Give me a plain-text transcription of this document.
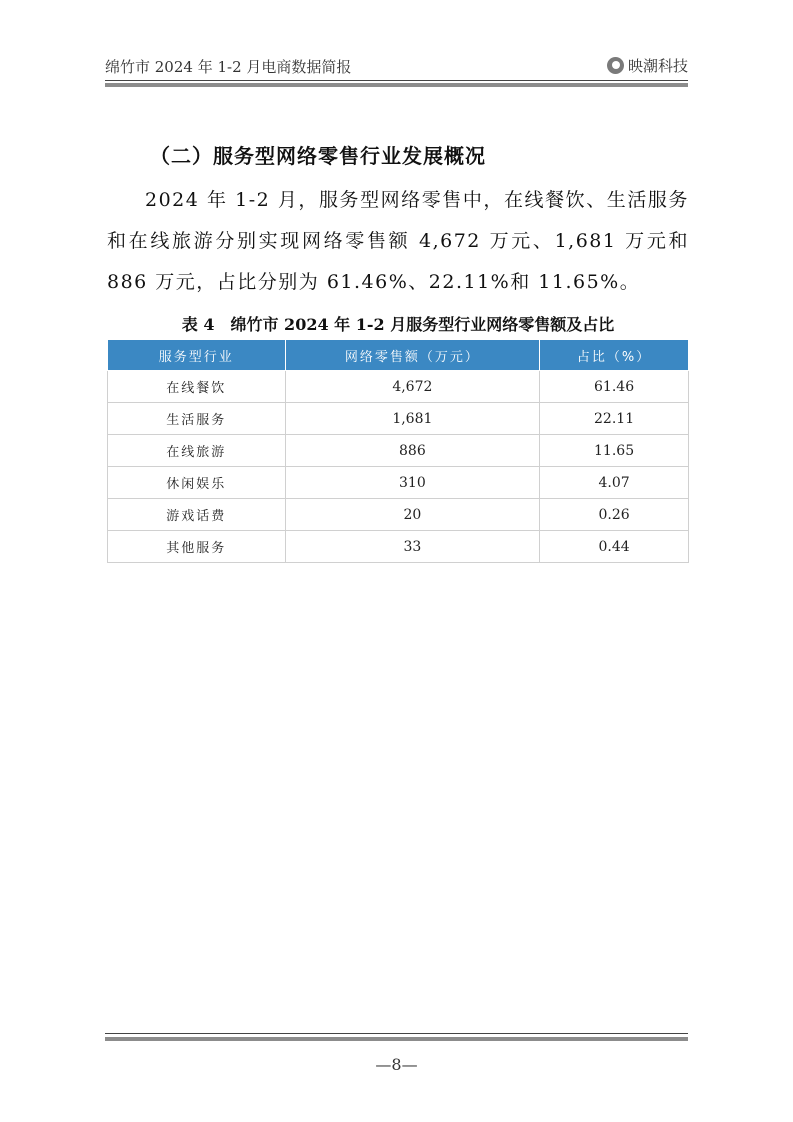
绵竹市 2024 年 1-2 月电商数据简报	映潮科技
（二）服务型网络零售行业发展概况
2024 年 1-2 月，服务型网络零售中，在线餐饮、生活服务和在线旅游分别实现网络零售额 4,672 万元、1,681 万元和 886 万元，占比分别为 61.46%、22.11%和 11.65%。
表 4　绵竹市 2024 年 1-2 月服务型行业网络零售额及占比
服务型行业	网络零售额（万元）	占比（%）
在线餐饮	4,672	61.46
生活服务	1,681	22.11
在线旅游	886	11.65
休闲娱乐	310	4.07
游戏话费	20	0.26
其他服务	33	0.44
—8—
